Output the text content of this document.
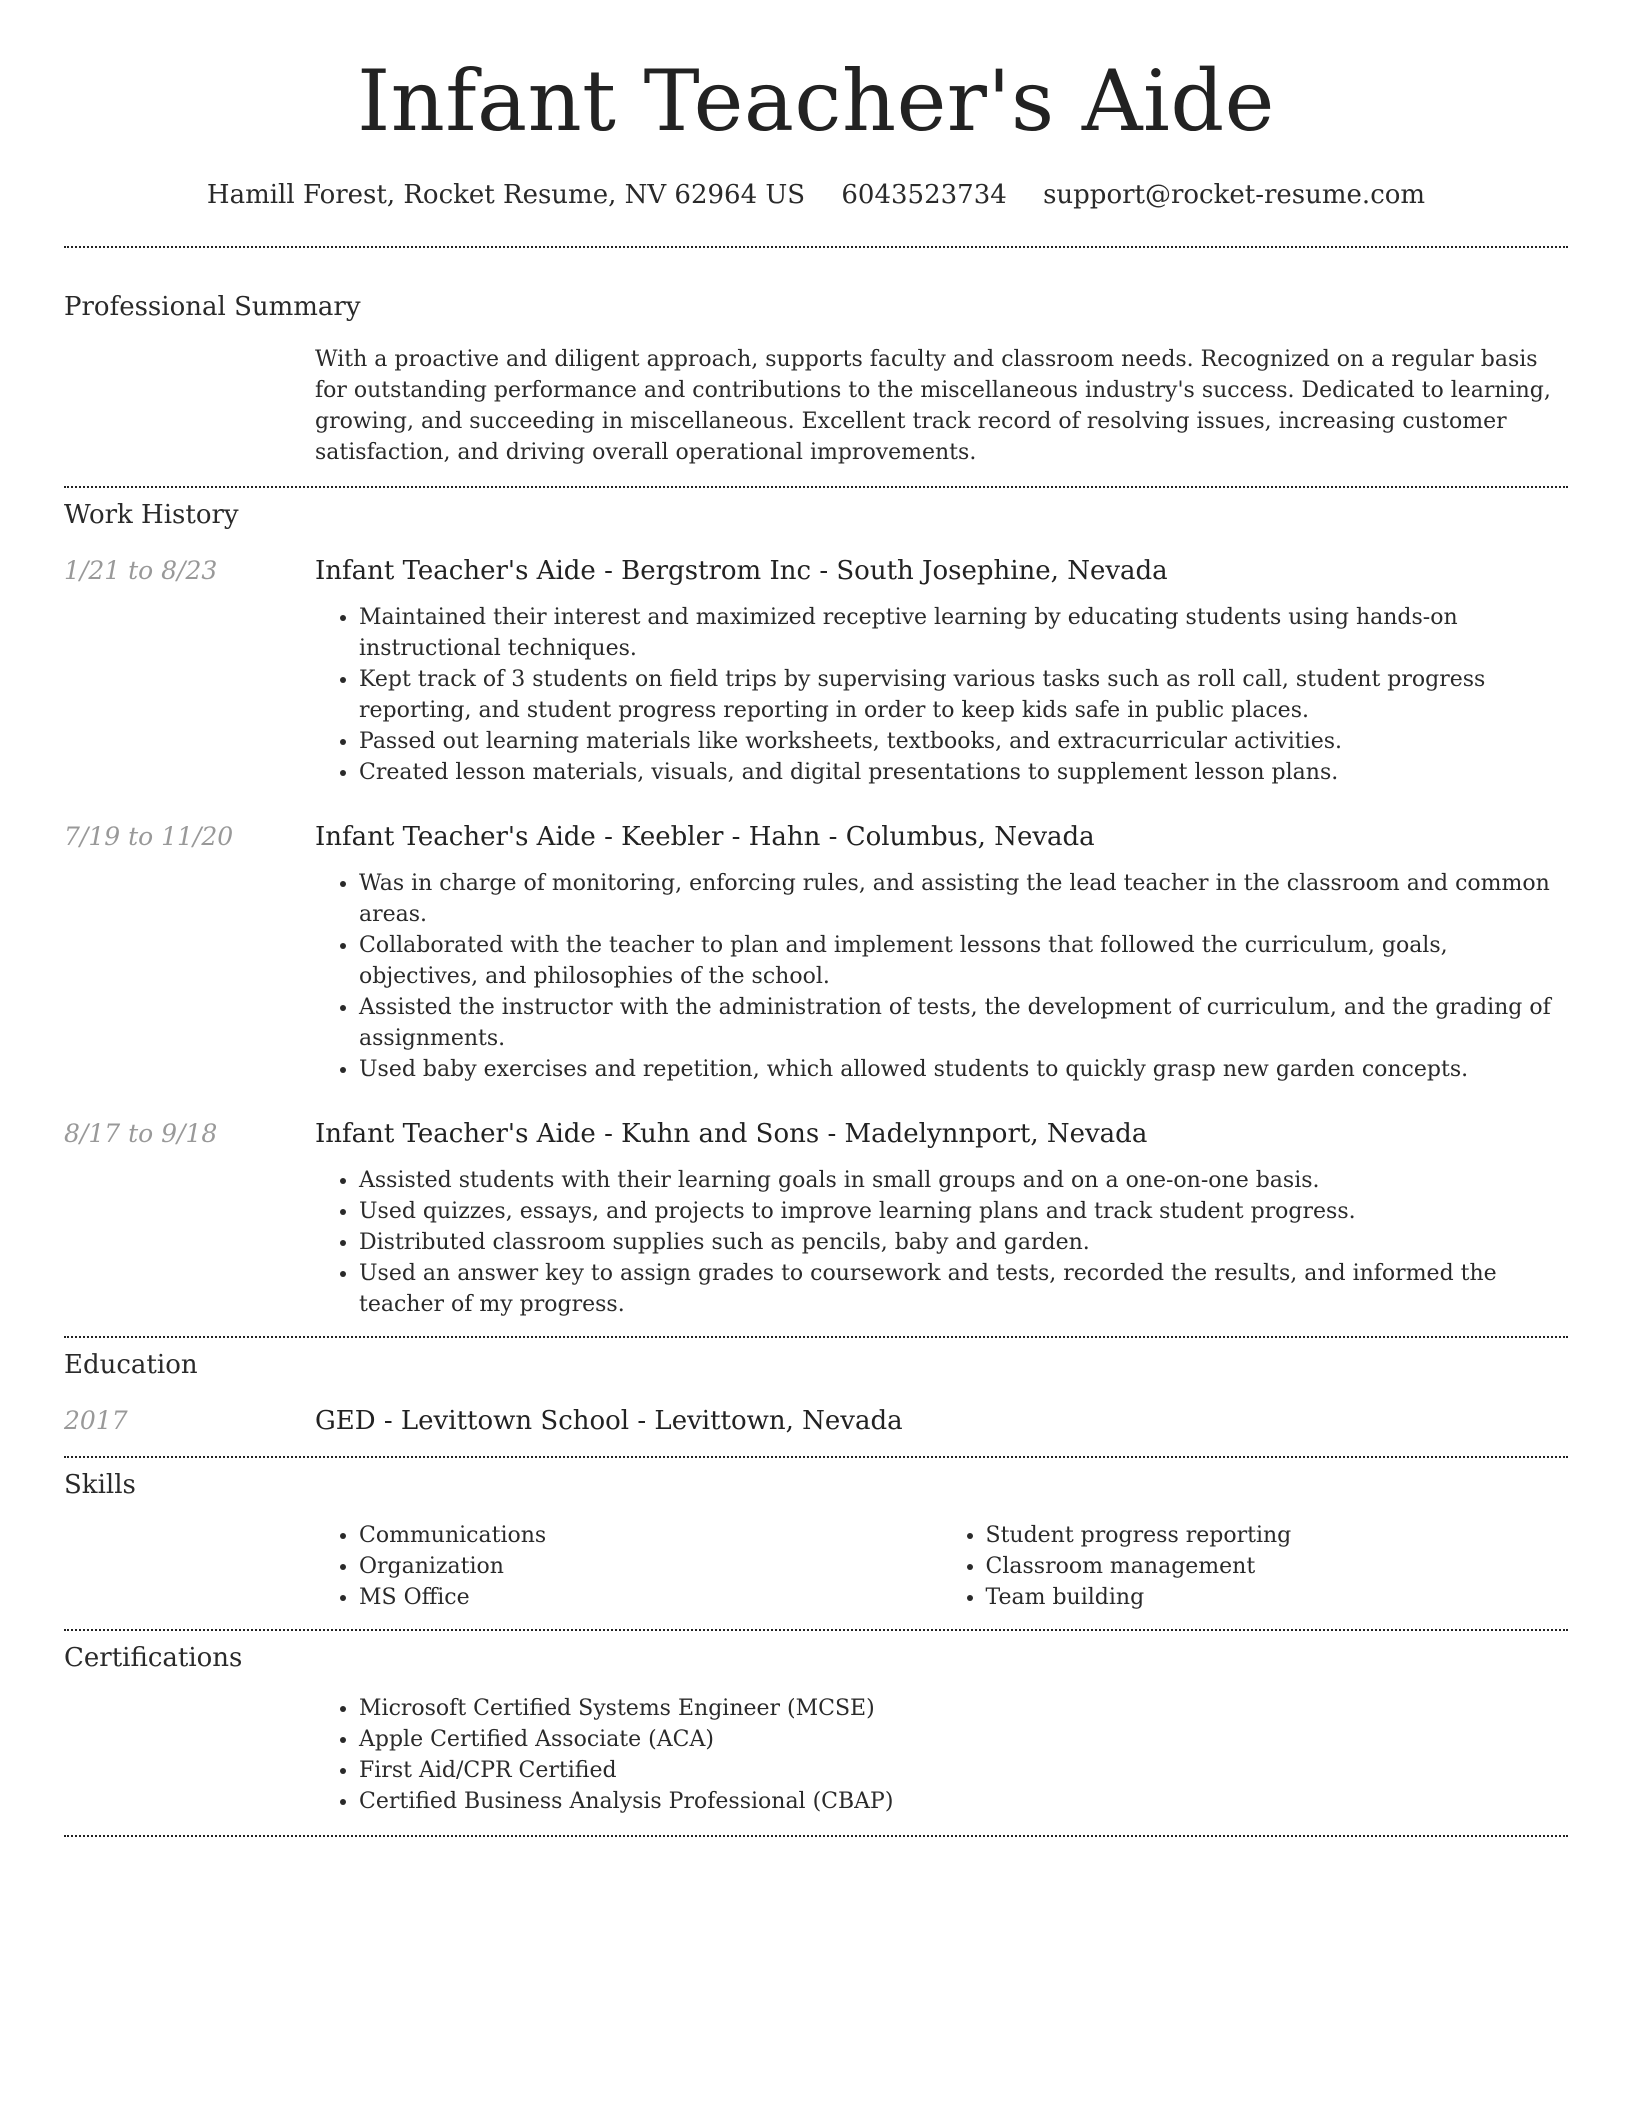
Infant Teacher's Aide
Hamill Forest, Rocket Resume, NV 62964 US 6043523734 support@rocket-resume.com
Professional Summary
With a proactive and diligent approach, supports faculty and classroom needs. Recognized on a regular basis for outstanding performance and contributions to the miscellaneous industry's success. Dedicated to learning, growing, and succeeding in miscellaneous. Excellent track record of resolving issues, increasing customer satisfaction, and driving overall operational improvements.
Work History
1/21 to 8/23	Infant Teacher's Aide - Bergstrom Inc - South Josephine, Nevada
• Maintained their interest and maximized receptive learning by educating students using hands-on instructional techniques.
• Kept track of 3 students on field trips by supervising various tasks such as roll call, student progress reporting, and student progress reporting in order to keep kids safe in public places.
• Passed out learning materials like worksheets, textbooks, and extracurricular activities.
• Created lesson materials, visuals, and digital presentations to supplement lesson plans.
7/19 to 11/20	Infant Teacher's Aide - Keebler - Hahn - Columbus, Nevada
• Was in charge of monitoring, enforcing rules, and assisting the lead teacher in the classroom and common areas.
• Collaborated with the teacher to plan and implement lessons that followed the curriculum, goals, objectives, and philosophies of the school.
• Assisted the instructor with the administration of tests, the development of curriculum, and the grading of assignments.
• Used baby exercises and repetition, which allowed students to quickly grasp new garden concepts.
8/17 to 9/18	Infant Teacher's Aide - Kuhn and Sons - Madelynnport, Nevada
• Assisted students with their learning goals in small groups and on a one-on-one basis.
• Used quizzes, essays, and projects to improve learning plans and track student progress.
• Distributed classroom supplies such as pencils, baby and garden.
• Used an answer key to assign grades to coursework and tests, recorded the results, and informed the teacher of my progress.
Education
2017	GED - Levittown School - Levittown, Nevada
Skills
• Communications
• Organization
• MS Office
• Student progress reporting
• Classroom management
• Team building
Certifications
• Microsoft Certified Systems Engineer (MCSE)
• Apple Certified Associate (ACA)
• First Aid/CPR Certified
• Certified Business Analysis Professional (CBAP)
